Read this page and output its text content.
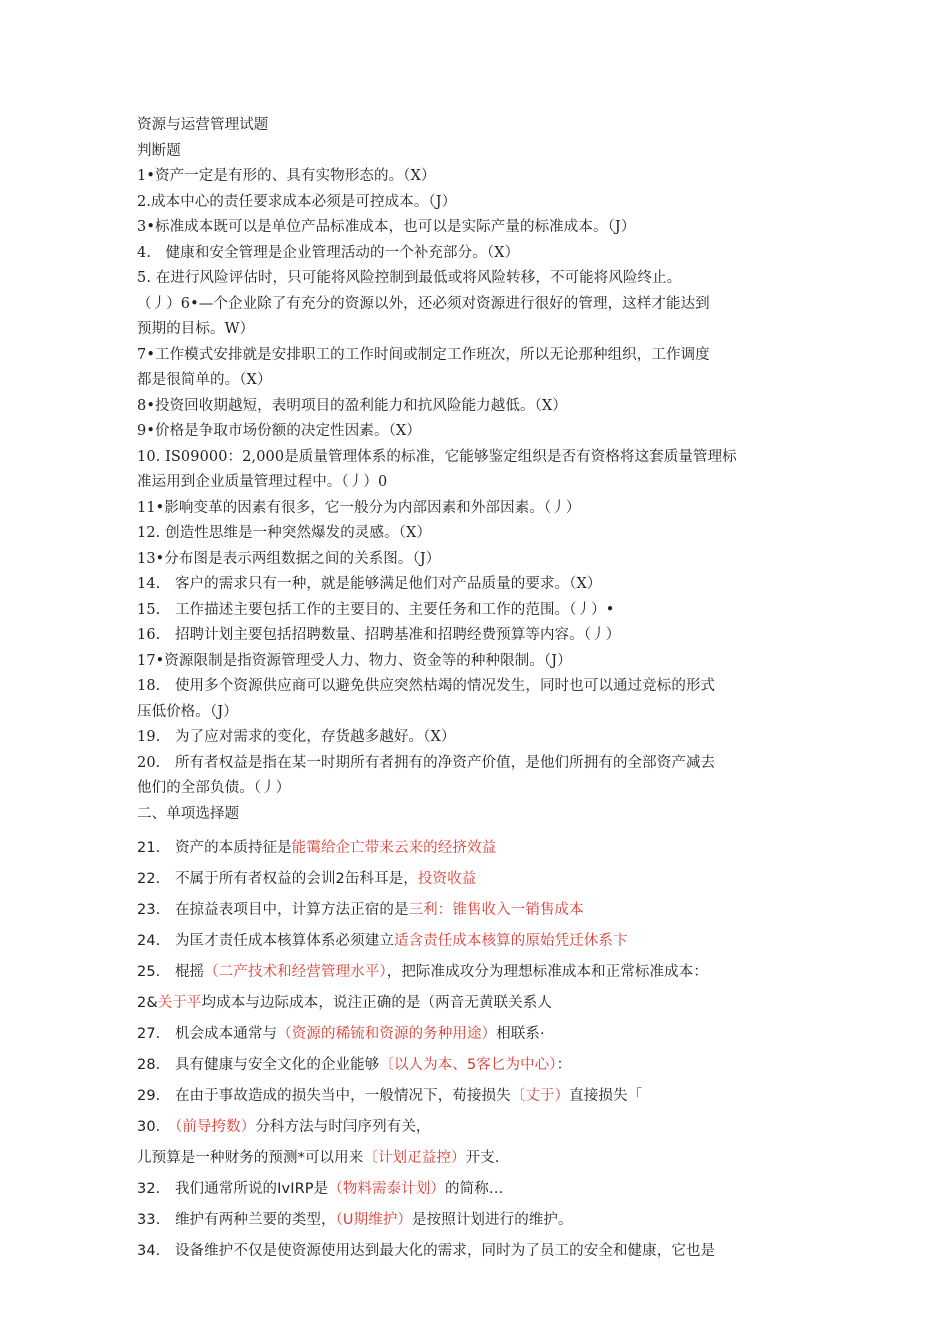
资源与运营管理试题
判断题
1•资产一定是有形的、具有实物形态的。（X）
2.成本中心的责任要求成本必须是可控成本。（J）
3•标准成本既可以是单位产品标准成本，也可以是实际产量的标准成本。（J）
4.　健康和安全管理是企业管理活动的一个补充部分。（X）
5. 在进行风险评估时，只可能将风险控制到最低或将风险转移，不可能将风险终止。
（丿）6•—个企业除了有充分的资源以外，还必须对资源进行很好的管理，这样才能达到
预期的目标。W）
7•工作模式安排就是安排职工的工作时间或制定工作班次，所以无论那种组织，工作调度
都是很简单的。（X）
8•投资回收期越短，表明项目的盈利能力和抗风险能力越低。（X）
9•价格是争取市场份额的决定性因素。（X）
10. IS09000：2,000是质量管理体系的标准，它能够鉴定组织是否有资格将这套质量管理标
准运用到企业质量管理过程中。（丿）0
11•影响变革的因素有很多，它一般分为内部因素和外部因素。（丿）
12. 创造性思维是一种突然爆发的灵感。（X）
13•分布图是表示两组数据之间的关系图。（J）
14.　客户的需求只有一种，就是能够满足他们对产品质量的要求。（X）
15.　工作描述主要包括工作的主要目的、主要任务和工作的范围。（丿）•
16.　招聘计划主要包括招聘数量、招聘基准和招聘经费预算等内容。（丿）
17•资源限制是指资源管理受人力、物力、资金等的种种限制。（J）
18.　使用多个资源供应商可以避免供应突然枯竭的情况发生，同时也可以通过竞标的形式
压低价格。（J）
19.　为了应对需求的变化，存货越多越好。（X）
20.　所有者权益是指在某一时期所有者拥有的净资产价值，是他们所拥有的全部资产减去
他们的全部负债。（丿）
二、单项选择题
21.　资产的本质持征是能霭给企亡带来云来的经挤效益
22.　不属于所有者权益的会训2缶科耳是，投资收益
23.　在掠益表项目中，计算方法正宿的是三利：锥售收入一销售成本
24.　为匡才责任成本核算体系必须建立适含责任成本核算的原始凭迁休系卞
25.　棍摇（二产技术和经营管理水平），把际准成攻分为理想标准成本和正常标准成本：
2&关于平均成本与边际成本，说注正确的是（两音无黄联关系人
27.　机会成本通常与（资源的稀锍和资源的务种用途）相联系·
28.　具有健康与安全文化的企业能够〔以人为本、5客匕为中心）：
29.　在由于事故造成的损失当中，一般情况下，荀接损失〔丈于）直接损失「
30.　（前导挎数）分科方法与时闫序列有关，
儿预算是一种财务的预测*可以用来〔计划疋益控）开支.
32.　我们通常所说的IvIRP是（物料需泰计划）的简称…
33.　维护有两种兰要的类型，（U期维护）是按照计划进行的维护。
34.　设备维护不仅是使资源使用达到最大化的需求，同时为了员工的安全和健康，它也是
